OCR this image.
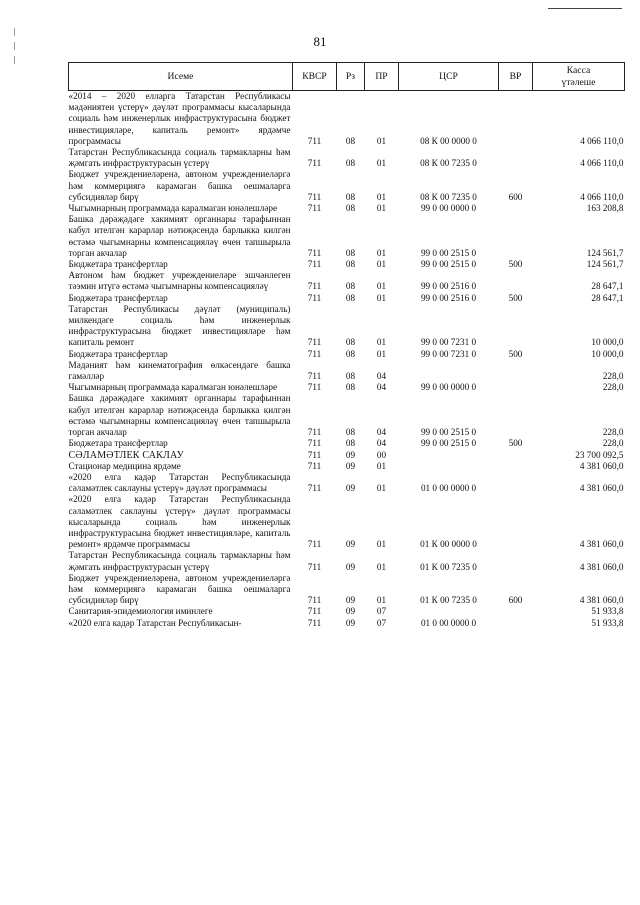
81
Исеме	КВСР	Рз	ПР	ЦСР	ВР	Касса
үтәлеше

«2014 – 2020 елларга Татарстан Республикасы мәдәниятен үстерү» дәүләт программасы кысаларында социаль һәм инженерлык инфраструктурасына бюджет инвестицияләре, капиталь ремонт» ярдәмче программасы	711	08	01	08 К 00 0000 0		4 066 110,0
Татарстан Республикасында социаль тармакларны һәм җәмгать инфраструктурасын үстерү	711	08	01	08 К 00 7235 0		4 066 110,0
Бюджет учреждениеләренә, автоном учреждениеләргә һәм коммерциягә карамаган башка оешмаларга субсидияләр бирү	711	08	01	08 К 00 7235 0	600	4 066 110,0
Чыгымнарның программада каралмаган юнәлешләре	711	08	01	99 0 00 0000 0		163 208,8
Башка дәрәҗәдәге хакимият органнары тарафыннан кабул ителгән карарлар нәтиҗәсендә барлыкка килгән өстәмә чыгымнарны компенсацияләү өчен тапшырыла торган акчалар	711	08	01	99 0 00 2515 0		124 561,7
Бюджетара трансфертлар	711	08	01	99 0 00 2515 0	500	124 561,7
Автоном һәм бюджет учреждениеләре эшчәнлеген тәэмин итүгә өстәмә чыгымнарны компенсацияләү	711	08	01	99 0 00 2516 0		28 647,1
Бюджетара трансфертлар	711	08	01	99 0 00 2516 0	500	28 647,1
Татарстан Республикасы дәүләт (муниципаль) милкендәге социаль һәм инженерлык инфраструктурасына бюджет инвестицияләре һәм капиталь ремонт	711	08	01	99 0 00 7231 0		10 000,0
Бюджетара трансфертлар	711	08	01	99 0 00 7231 0	500	10 000,0
Мәдәният һәм кинематография өлкәсендәге башка гамәлләр	711	08	04			228,0
Чыгымнарның программада каралмаган юнәлешләре	711	08	04	99 0 00 0000 0		228,0
Башка дәрәҗәдәге хакимият органнары тарафыннан кабул ителгән карарлар нәтиҗәсендә барлыкка килгән өстәмә чыгымнарны компенсацияләү өчен тапшырыла торган акчалар	711	08	04	99 0 00 2515 0		228,0
Бюджетара трансфертлар	711	08	04	99 0 00 2515 0	500	228,0
СӘЛАМӘТЛЕК САКЛАУ	711	09	00			23 700 092,5
Стационар медицина ярдәме	711	09	01			4 381 060,0
«2020 елга кадәр Татарстан Республикасында сәламәтлек саклауны үстерү» дәүләт программасы	711	09	01	01 0 00 0000 0		4 381 060,0
«2020 елга кадәр Татарстан Республикасында сәламәтлек саклауны үстерү» дәүләт программасы кысаларында социаль һәм инженерлык инфраструктурасына бюджет инвестицияләре, капиталь ремонт» ярдәмче программасы	711	09	01	01 К 00 0000 0		4 381 060,0
Татарстан Республикасында социаль тармакларны һәм җәмгать инфраструктурасын үстерү	711	09	01	01 К 00 7235 0		4 381 060,0
Бюджет учреждениеләренә, автоном учреждениеләргә һәм коммерциягә карамаган башка оешмаларга субсидияләр бирү	711	09	01	01 К 00 7235 0	600	4 381 060,0
Санитария-эпидемиология иминлеге	711	09	07			51 933,8
«2020 елга кадәр Татарстан Республикасын-	711	09	07	01 0 00 0000 0		51 933,8
